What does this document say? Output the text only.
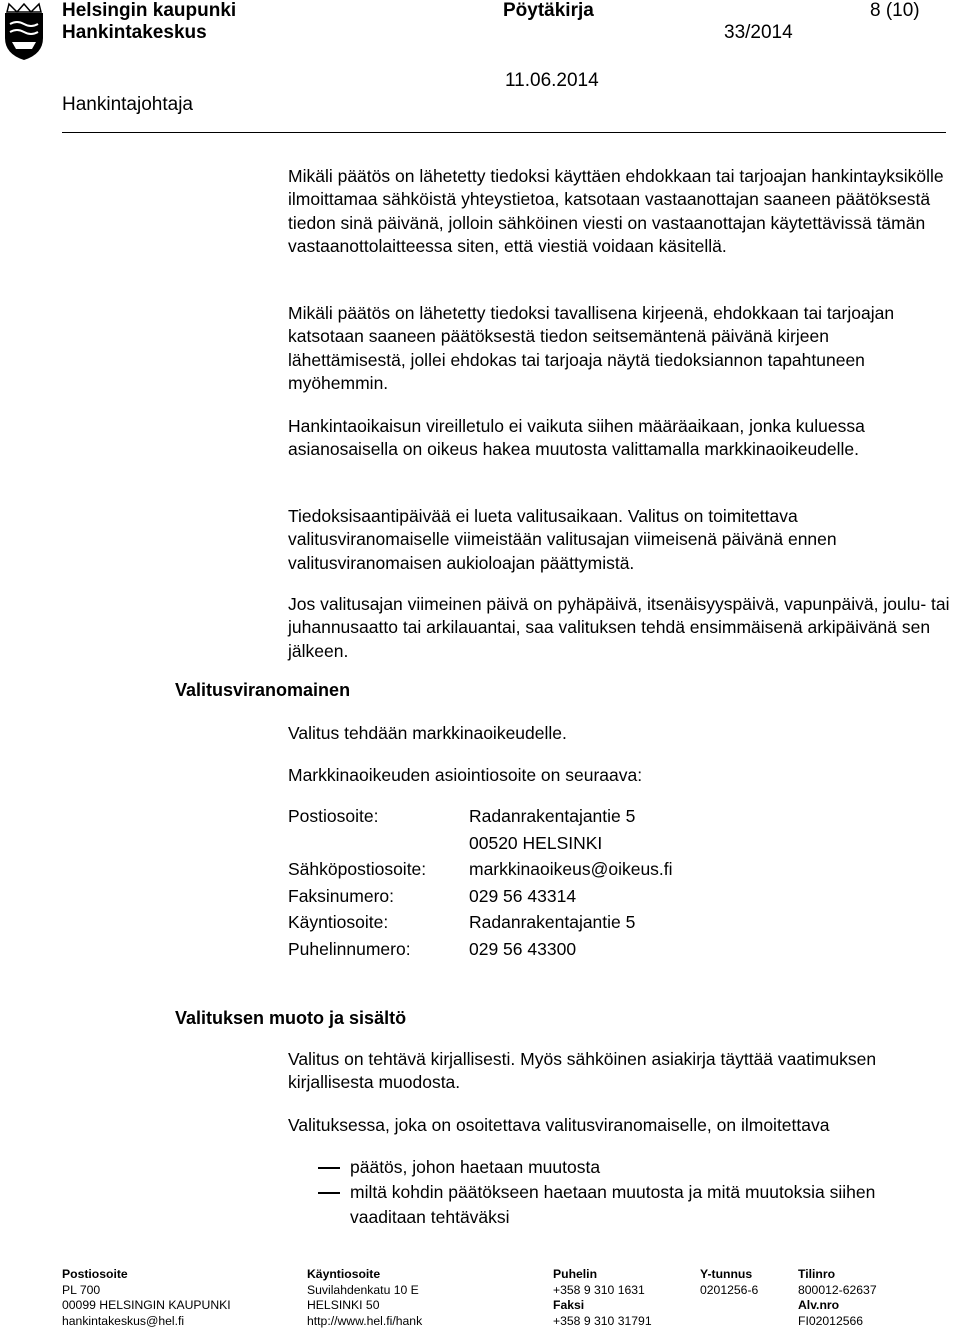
Helsingin kaupunki
Hankintakeskus
Pöytäkirja
33/2014
8 (10)
11.06.2014
Hankintajohtaja

Mikäli päätös on lähetetty tiedoksi käyttäen ehdokkaan tai tarjoajan hankintayksikölle ilmoittamaa sähköistä yhteystietoa, katsotaan vastaanottajan saaneen päätöksestä tiedon sinä päivänä, jolloin sähköinen viesti on vastaanottajan käytettävissä tämän vastaanottolaitteessa siten, että viestiä voidaan käsitellä.

Mikäli päätös on lähetetty tiedoksi tavallisena kirjeenä, ehdokkaan tai tarjoajan katsotaan saaneen päätöksestä tiedon seitsemäntenä päivänä kirjeen lähettämisestä, jollei ehdokas tai tarjoaja näytä tiedoksiannon tapahtuneen myöhemmin.

Hankintaoikaisun vireilletulo ei vaikuta siihen määräaikaan, jonka kuluessa asianosaisella on oikeus hakea muutosta valittamalla markkinaoikeudelle.

Tiedoksisaantipäivää ei lueta valitusaikaan. Valitus on toimitettava valitusviranomaiselle viimeistään valitusajan viimeisenä päivänä ennen valitusviranomaisen aukioloajan päättymistä.

Jos valitusajan viimeinen päivä on pyhäpäivä, itsenäisyyspäivä, vapunpäivä, joulu- tai juhannusaatto tai arkilauantai, saa valituksen tehdä ensimmäisenä arkipäivänä sen jälkeen.

Valitusviranomainen
Valitus tehdään markkinaoikeudelle.
Markkinaoikeuden asiointiosoite on seuraava:
Postiosoite:	Radanrakentajantie 5
00520 HELSINKI
Sähköpostiosoite: markkinaoikeus@oikeus.fi
Faksinumero:	029 56 43314
Käyntiosoite:	Radanrakentajantie 5
Puhelinnumero:	029 56 43300
Valituksen muoto ja sisältö

Valitus on tehtävä kirjallisesti. Myös sähköinen asiakirja täyttää vaatimuksen kirjallisesta muodosta.

Valituksessa, joka on osoitettava valitusviranomaiselle, on ilmoitettava

päätös, johon haetaan muutosta
miltä kohdin päätökseen haetaan muutosta ja mitä muutoksia siihen vaaditaan tehtäväksi
Postiosoite
PL 700
00099 HELSINGIN KAUPUNKI
hankintakeskus@hel.fi
Käyntiosoite
Suvilahdenkatu 10 E
HELSINKI 50
http://www.hel.fi/hank
Puhelin
+358 9 310 1631
Faksi
+358 9 310 31791
Y-tunnus
0201256-6
Tilinro
800012-62637
Alv.nro
FI02012566
